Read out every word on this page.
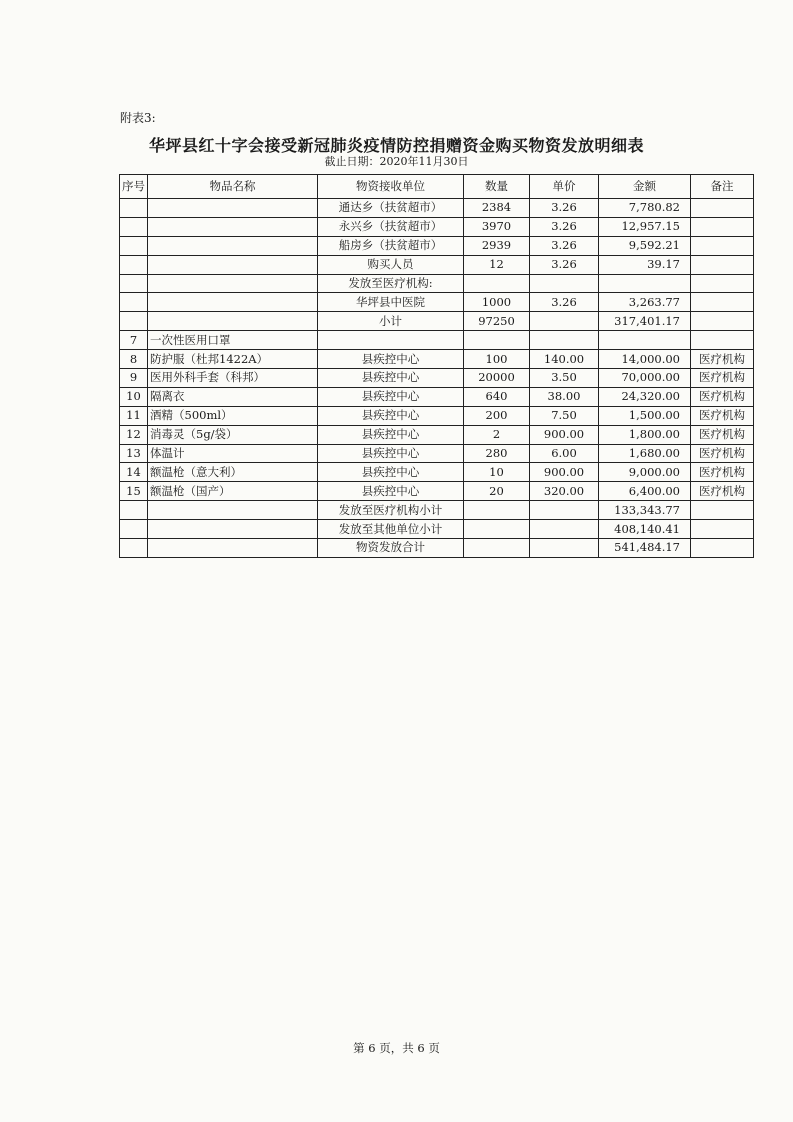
附表3:
华坪县红十字会接受新冠肺炎疫情防控捐赠资金购买物资发放明细表
截止日期：2020年11月30日
序号	物品名称	物资接收单位	数量	单价	金额	备注
		通达乡（扶贫超市）	2384	3.26	7,780.82	
		永兴乡（扶贫超市）	3970	3.26	12,957.15	
		船房乡（扶贫超市）	2939	3.26	9,592.21	
		购买人员	12	3.26	39.17	
		发放至医疗机构:				
		华坪县中医院	1000	3.26	3,263.77	
		小计	97250		317,401.17	
7	一次性医用口罩					
8	防护服（杜邦1422A）	县疾控中心	100	140.00	14,000.00	医疗机构
9	医用外科手套（科邦）	县疾控中心	20000	3.50	70,000.00	医疗机构
10	隔离衣	县疾控中心	640	38.00	24,320.00	医疗机构
11	酒精（500ml）	县疾控中心	200	7.50	1,500.00	医疗机构
12	消毒灵（5g/袋）	县疾控中心	2	900.00	1,800.00	医疗机构
13	体温计	县疾控中心	280	6.00	1,680.00	医疗机构
14	额温枪（意大利）	县疾控中心	10	900.00	9,000.00	医疗机构
15	额温枪（国产）	县疾控中心	20	320.00	6,400.00	医疗机构
		发放至医疗机构小计			133,343.77	
		发放至其他单位小计			408,140.41	
		物资发放合计			541,484.17	
第 6 页，共 6 页
